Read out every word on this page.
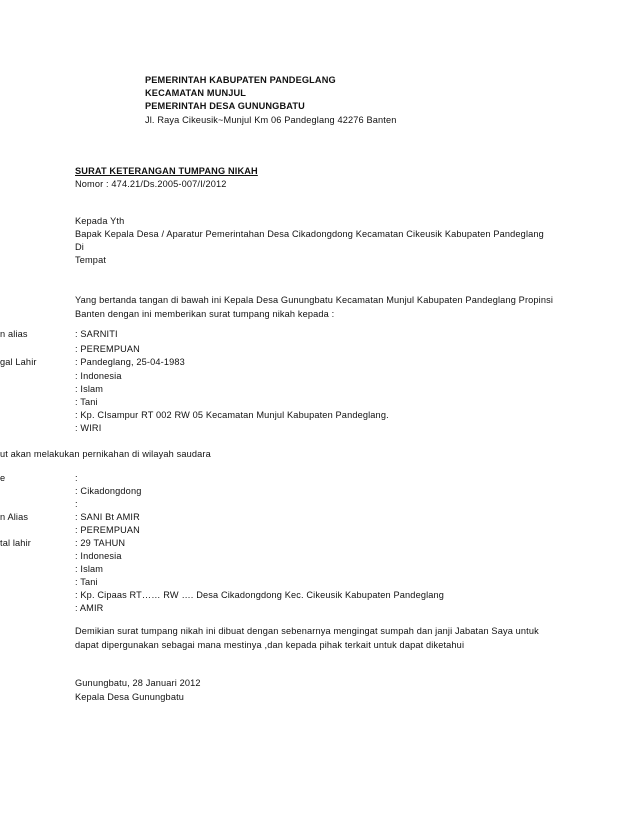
PEMERINTAH KABUPATEN PANDEGLANG
KECAMATAN MUNJUL
PEMERINTAH DESA GUNUNGBATU
Jl. Raya Cikeusik~Munjul Km 06 Pandeglang 42276 Banten
SURAT KETERANGAN TUMPANG NIKAH
Nomor : 474.21/Ds.2005-007/I/2012
Kepada Yth
Bapak Kepala Desa / Aparatur Pemerintahan Desa Cikadongdong Kecamatan Cikeusik Kabupaten Pandeglang
Di
Tempat
Yang bertanda tangan di bawah ini Kepala Desa Gunungbatu Kecamatan Munjul Kabupaten Pandeglang Propinsi
Banten dengan ini memberikan surat tumpang nikah kepada :
n alias
gal Lahir
: SARNITI
: PEREMPUAN
: Pandeglang, 25-04-1983
: Indonesia
: Islam
: Tani
: Kp. CIsampur RT 002 RW 05 Kecamatan Munjul Kabupaten Pandeglang.
: WIRI
ut akan melakukan pernikahan di wilayah saudara
e
n Alias
tal lahir
:
: Cikadongdong
:
: SANI Bt AMIR
: PEREMPUAN
: 29 TAHUN
: Indonesia
: Islam
: Tani
: Kp. Cipaas RT…… RW …. Desa Cikadongdong Kec. Cikeusik Kabupaten Pandeglang
: AMIR
Demikian surat tumpang nikah ini dibuat dengan sebenarnya mengingat sumpah dan janji Jabatan Saya untuk
dapat dipergunakan sebagai mana mestinya ,dan kepada pihak terkait untuk dapat diketahui
Gunungbatu, 28 Januari 2012
Kepala Desa Gunungbatu
